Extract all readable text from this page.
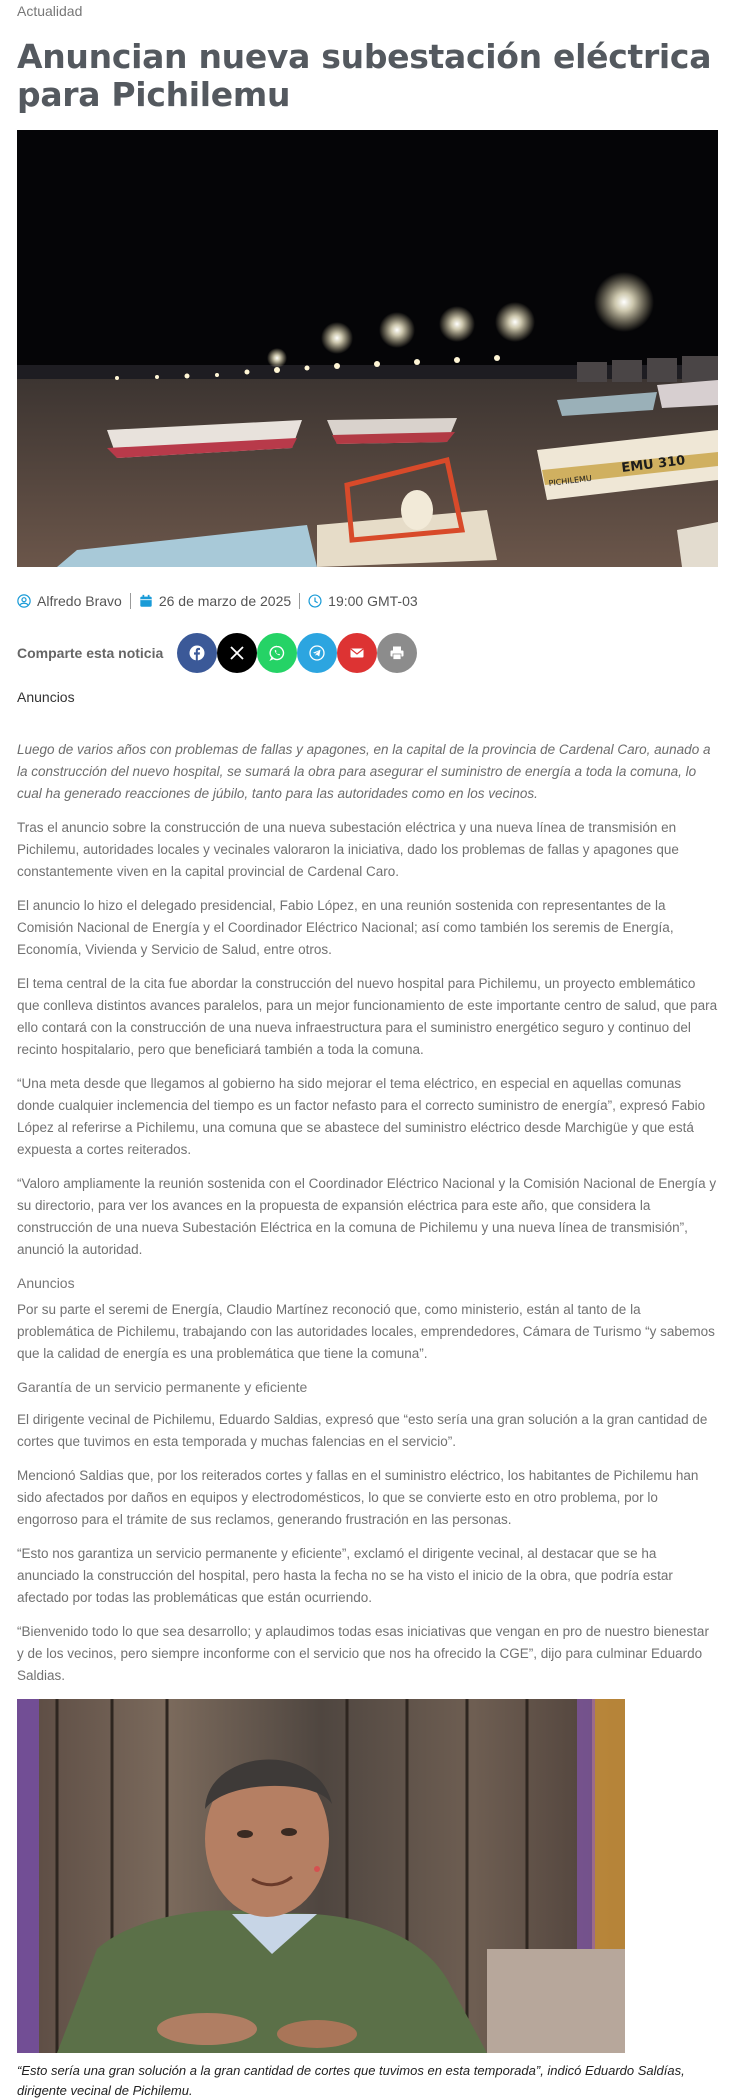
Actualidad
Anuncian nueva subestación eléctrica para Pichilemu
EMU 310
PICHILEMU
Alfredo Bravo	26 de marzo de 2025	19:00 GMT-03
Comparte esta noticia
Anuncios

Luego de varios años con problemas de fallas y apagones, en la capital de la provincia de Cardenal Caro, aunado a la construcción del nuevo hospital, se sumará la obra para asegurar el suministro de energía a toda la comuna, lo cual ha generado reacciones de júbilo, tanto para las autoridades como en los vecinos.

Tras el anuncio sobre la construcción de una nueva subestación eléctrica y una nueva línea de transmisión en Pichilemu, autoridades locales y vecinales valoraron la iniciativa, dado los problemas de fallas y apagones que constantemente viven en la capital provincial de Cardenal Caro.

El anuncio lo hizo el delegado presidencial, Fabio López, en una reunión sostenida con representantes de la Comisión Nacional de Energía y el Coordinador Eléctrico Nacional; así como también los seremis de Energía, Economía, Vivienda y Servicio de Salud, entre otros.

El tema central de la cita fue abordar la construcción del nuevo hospital para Pichilemu, un proyecto emblemático que conlleva distintos avances paralelos, para un mejor funcionamiento de este importante centro de salud, que para ello contará con la construcción de una nueva infraestructura para el suministro energético seguro y continuo del recinto hospitalario, pero que beneficiará también a toda la comuna.

“Una meta desde que llegamos al gobierno ha sido mejorar el tema eléctrico, en especial en aquellas comunas donde cualquier inclemencia del tiempo es un factor nefasto para el correcto suministro de energía”, expresó Fabio López al referirse a Pichilemu, una comuna que se abastece del suministro eléctrico desde Marchigüe y que está expuesta a cortes reiterados.

“Valoro ampliamente la reunión sostenida con el Coordinador Eléctrico Nacional y la Comisión Nacional de Energía y su directorio, para ver los avances en la propuesta de expansión eléctrica para este año, que considera la construcción de una nueva Subestación Eléctrica en la comuna de Pichilemu y una nueva línea de transmisión”, anunció la autoridad.

Anuncios

Por su parte el seremi de Energía, Claudio Martínez reconoció que, como ministerio, están al tanto de la problemática de Pichilemu, trabajando con las autoridades locales, emprendedores, Cámara de Turismo “y sabemos que la calidad de energía es una problemática que tiene la comuna”.

Garantía de un servicio permanente y eficiente

El dirigente vecinal de Pichilemu, Eduardo Saldias, expresó que “esto sería una gran solución a la gran cantidad de cortes que tuvimos en esta temporada y muchas falencias en el servicio”.

Mencionó Saldias que, por los reiterados cortes y fallas en el suministro eléctrico, los habitantes de Pichilemu han sido afectados por daños en equipos y electrodomésticos, lo que se convierte esto en otro problema, por lo engorroso para el trámite de sus reclamos, generando frustración en las personas.

“Esto nos garantiza un servicio permanente y eficiente”, exclamó el dirigente vecinal, al destacar que se ha anunciado la construcción del hospital, pero hasta la fecha no se ha visto el inicio de la obra, que podría estar afectado por todas las problemáticas que están ocurriendo.

“Bienvenido todo lo que sea desarrollo; y aplaudimos todas esas iniciativas que vengan en pro de nuestro bienestar y de los vecinos, pero siempre inconforme con el servicio que nos ha ofrecido la CGE”, dijo para culminar Eduardo Saldias.

“Esto sería una gran solución a la gran cantidad de cortes que tuvimos en esta temporada”, indicó Eduardo Saldías, dirigente vecinal de Pichilemu.
